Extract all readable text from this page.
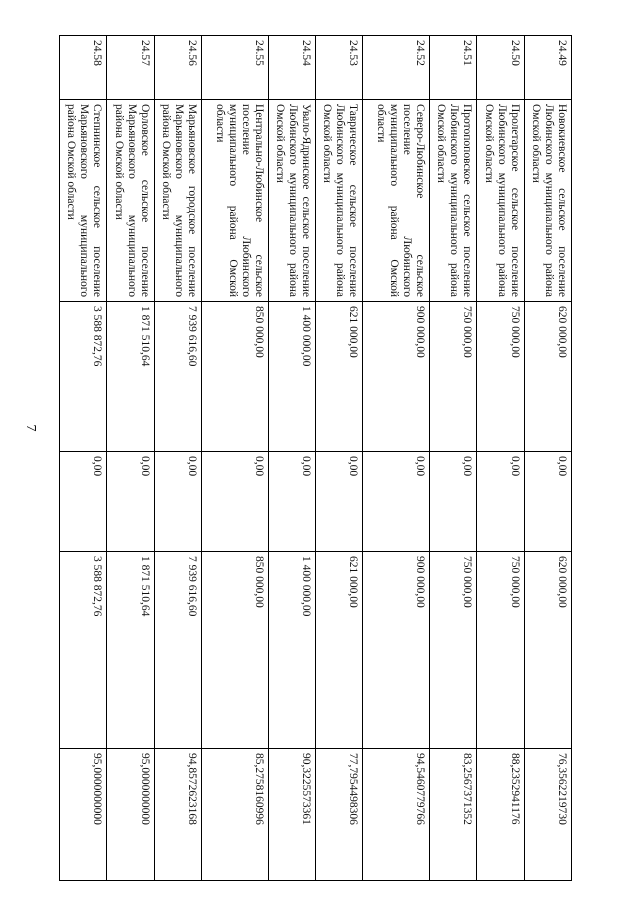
7
24.49
Новокиевское сельское поселение Любинского муниципального района Омской области
620 000,00
0,00
620 000,00
76,3562219730
24.50
Пролетарское сельское поселение Любинского муниципального района Омской области
750 000,00
0,00
750 000,00
88,2352941176
24.51
Протопоповское сельское поселение Любинского муниципального района Омской области
750 000,00
0,00
750 000,00
83,2567371352
24.52
Северо-Любинское сельское поселение Любинского муниципального района Омской области
900 000,00
0,00
900 000,00
94,5460779766
24.53
Таврическое сельское поселение Любинского муниципального района Омской области
621 000,00
0,00
621 000,00
77,7954498306
24.54
Увало-Ядринское сельское поселение Любинского муниципального района Омской области
1 400 000,00
0,00
1 400 000,00
90,3225573361
24.55
Центрально-Любинское сельское поселение Любинского муниципального района Омской области
850 000,00
0,00
850 000,00
85,2758160996
24.56
Марьяновское городское поселение Марьяновского муниципального района Омской области
7 939 616,60
0,00
7 939 616,60
94,8572623168
24.57
Орловское сельское поселение Марьяновского муниципального района Омской области
1 871 510,64
0,00
1 871 510,64
95,0000000000
24.58
Степнинское сельское поселение Марьяновского муниципального района Омской области
3 588 872,76
0,00
3 588 872,76
95,0000000000
